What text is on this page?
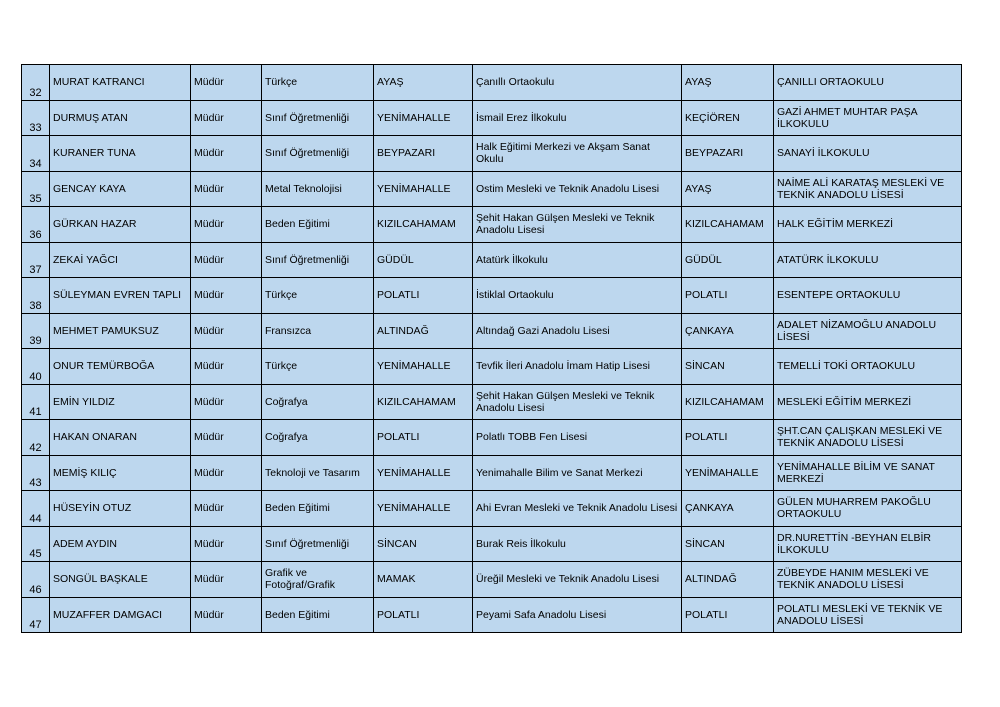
32	MURAT KATRANCI	Müdür	Türkçe	AYAŞ	Çanıllı Ortaokulu	AYAŞ	ÇANILLI ORTAOKULU
33	DURMUŞ ATAN	Müdür	Sınıf Öğretmenliği	YENİMAHALLE	İsmail Erez İlkokulu	KEÇİÖREN	GAZİ AHMET MUHTAR PAŞA İLKOKULU
34	KURANER TUNA	Müdür	Sınıf Öğretmenliği	BEYPAZARI	Halk Eğitimi Merkezi ve Akşam Sanat Okulu	BEYPAZARI	SANAYİ İLKOKULU
35	GENCAY KAYA	Müdür	Metal Teknolojisi	YENİMAHALLE	Ostim Mesleki ve Teknik Anadolu Lisesi	AYAŞ	NAİME ALİ KARATAŞ MESLEKİ VE TEKNİK ANADOLU LİSESİ
36	GÜRKAN HAZAR	Müdür	Beden Eğitimi	KIZILCAHAMAM	Şehit Hakan Gülşen Mesleki ve Teknik Anadolu Lisesi	KIZILCAHAMAM	HALK EĞİTİM MERKEZİ
37	ZEKAİ YAĞCI	Müdür	Sınıf Öğretmenliği	GÜDÜL	Atatürk İlkokulu	GÜDÜL	ATATÜRK İLKOKULU
38	SÜLEYMAN EVREN TAPLI	Müdür	Türkçe	POLATLI	İstiklal Ortaokulu	POLATLI	ESENTEPE ORTAOKULU
39	MEHMET PAMUKSUZ	Müdür	Fransızca	ALTINDAĞ	Altındağ Gazi Anadolu Lisesi	ÇANKAYA	ADALET NİZAMOĞLU ANADOLU LİSESİ
40	ONUR TEMÜRBOĞA	Müdür	Türkçe	YENİMAHALLE	Tevfik İleri Anadolu İmam Hatip Lisesi	SİNCAN	TEMELLİ TOKİ ORTAOKULU
41	EMİN YILDIZ	Müdür	Coğrafya	KIZILCAHAMAM	Şehit Hakan Gülşen Mesleki ve Teknik Anadolu Lisesi	KIZILCAHAMAM	MESLEKİ EĞİTİM MERKEZİ
42	HAKAN ONARAN	Müdür	Coğrafya	POLATLI	Polatlı TOBB Fen Lisesi	POLATLI	ŞHT.CAN ÇALIŞKAN MESLEKİ VE TEKNİK ANADOLU LİSESİ
43	MEMİŞ KILIÇ	Müdür	Teknoloji ve Tasarım	YENİMAHALLE	Yenimahalle Bilim ve Sanat Merkezi	YENİMAHALLE	YENİMAHALLE BİLİM VE SANAT MERKEZİ
44	HÜSEYİN OTUZ	Müdür	Beden Eğitimi	YENİMAHALLE	Ahi Evran Mesleki ve Teknik Anadolu Lisesi	ÇANKAYA	GÜLEN MUHARREM PAKOĞLU ORTAOKULU
45	ADEM AYDIN	Müdür	Sınıf Öğretmenliği	SİNCAN	Burak Reis İlkokulu	SİNCAN	DR.NURETTİN -BEYHAN ELBİR İLKOKULU
46	SONGÜL BAŞKALE	Müdür	Grafik ve Fotoğraf/Grafik	MAMAK	Üreğil Mesleki ve Teknik Anadolu Lisesi	ALTINDAĞ	ZÜBEYDE HANIM MESLEKİ VE TEKNİK ANADOLU LİSESİ
47	MUZAFFER DAMGACI	Müdür	Beden Eğitimi	POLATLI	Peyami Safa Anadolu Lisesi	POLATLI	POLATLI MESLEKİ VE TEKNİK VE ANADOLU LİSESİ
